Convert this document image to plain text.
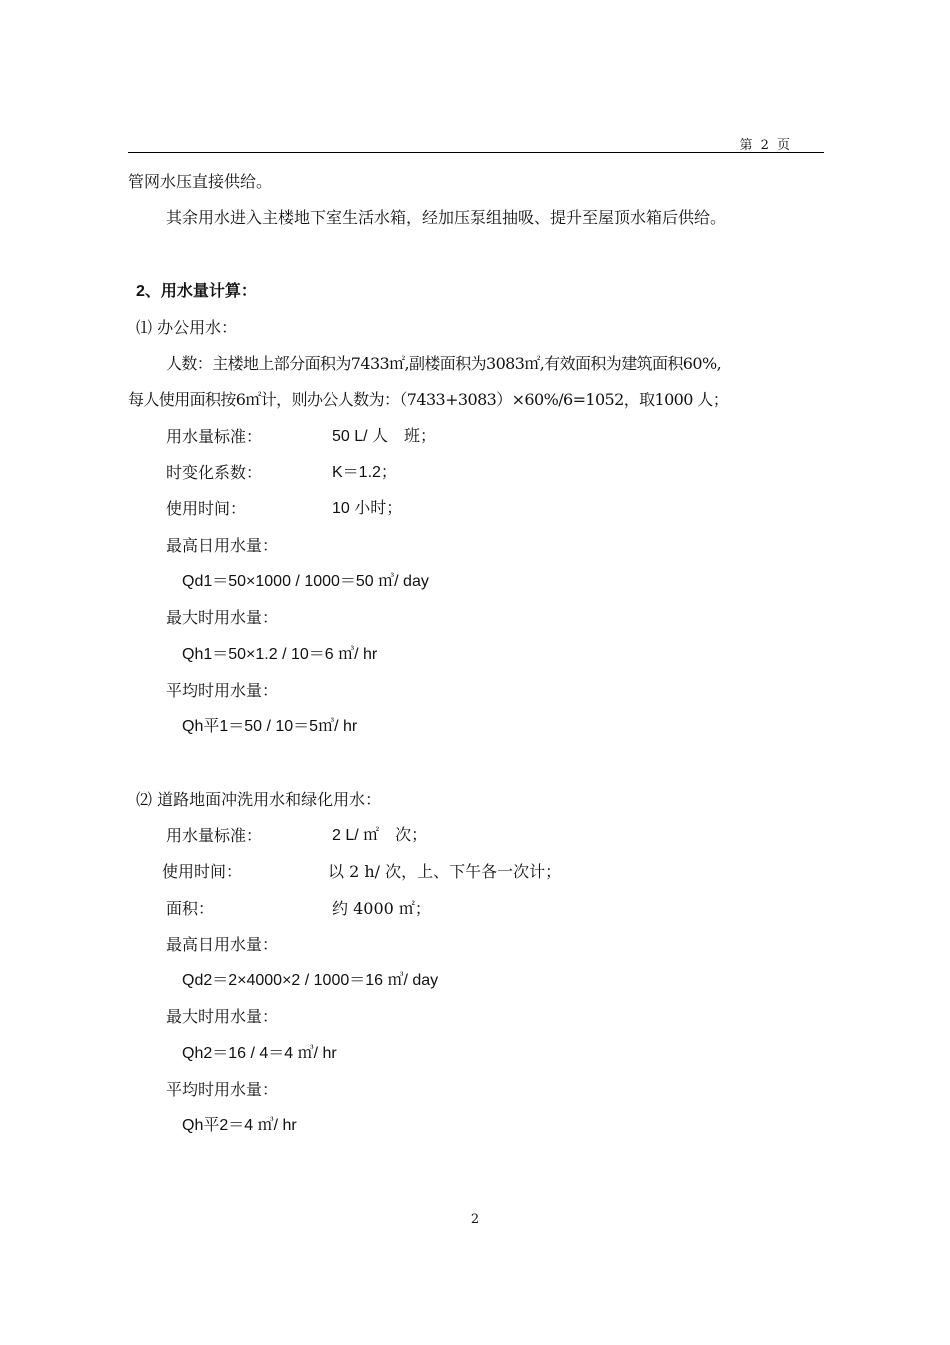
第 2 页
管网水压直接供给。
其余用水进入主楼地下室生活水箱，经加压泵组抽吸、提升至屋顶水箱后供给。
2、用水量计算：
⑴ 办公用水：
人数：主楼地上部分面积为7433㎡,副楼面积为3083㎡,有效面积为建筑面积60%,
每人使用面积按6㎡计，则办公人数为：（7433+3083）×60%/6=1052，取1000 人；
用水量标准：	50 L/ 人　班；
时变化系数：	K＝1.2；
使用时间：	10 小时；
最高日用水量：
Qd1＝50×1000 / 1000＝50 ㎥/ day
最大时用水量：
Qh1＝50×1.2 / 10＝6 ㎥/ hr
平均时用水量：
Qh平1＝50 / 10＝5㎥/ hr
⑵ 道路地面冲洗用水和绿化用水：
用水量标准：	2 L/ ㎡　次；
使用时间：	以 2 h/ 次，上、下午各一次计；
面积：	约 4000 ㎡；
最高日用水量：
Qd2＝2×4000×2 / 1000＝16 ㎥/ day
最大时用水量：
Qh2＝16 / 4＝4 ㎥/ hr
平均时用水量：
Qh平2＝4 ㎥/ hr
2
